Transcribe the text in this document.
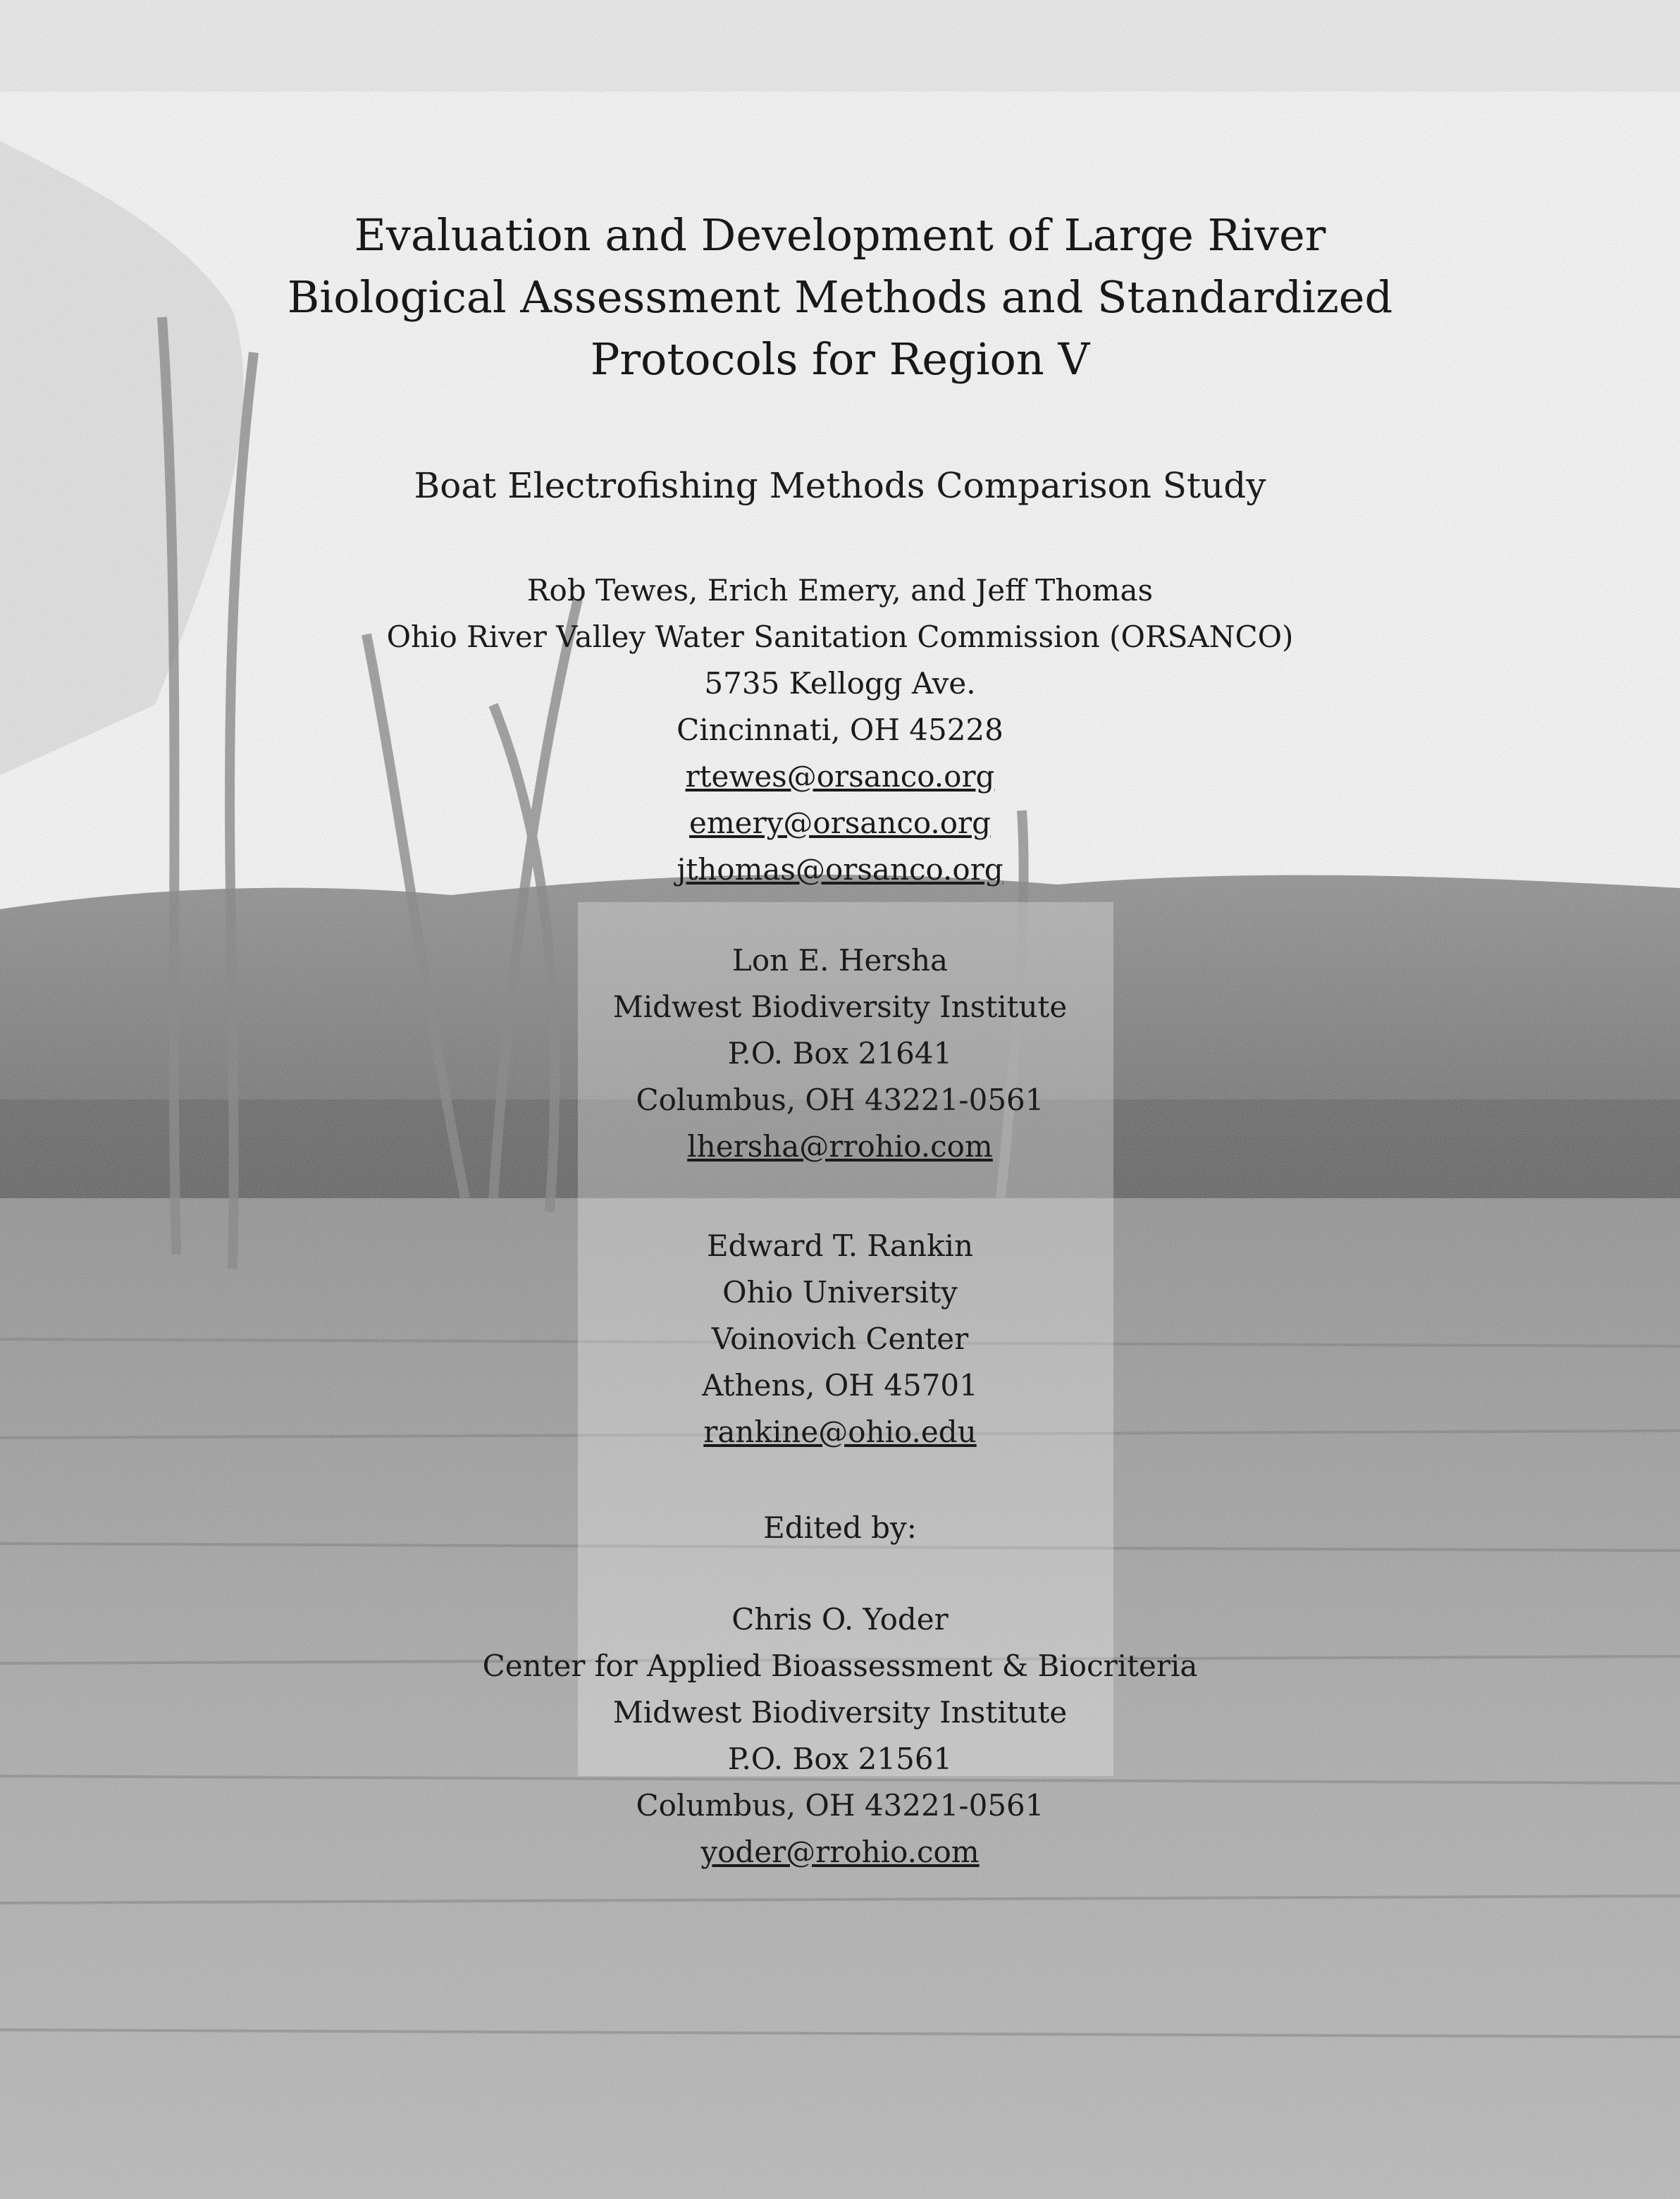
Evaluation and Development of Large River
Biological Assessment Methods and Standardized
Protocols for Region V
Boat Electrofishing Methods Comparison Study
Rob Tewes, Erich Emery, and Jeff Thomas
Ohio River Valley Water Sanitation Commission (ORSANCO)
5735 Kellogg Ave.
Cincinnati, OH 45228
rtewes@orsanco.org
emery@orsanco.org
jthomas@orsanco.org
Lon E. Hersha
Midwest Biodiversity Institute
P.O. Box 21641
Columbus, OH 43221-0561
lhersha@rrohio.com
Edward T. Rankin
Ohio University
Voinovich Center
Athens, OH 45701
rankine@ohio.edu
Edited by:
Chris O. Yoder
Center for Applied Bioassessment & Biocriteria
Midwest Biodiversity Institute
P.O. Box 21561
Columbus, OH 43221-0561
yoder@rrohio.com
